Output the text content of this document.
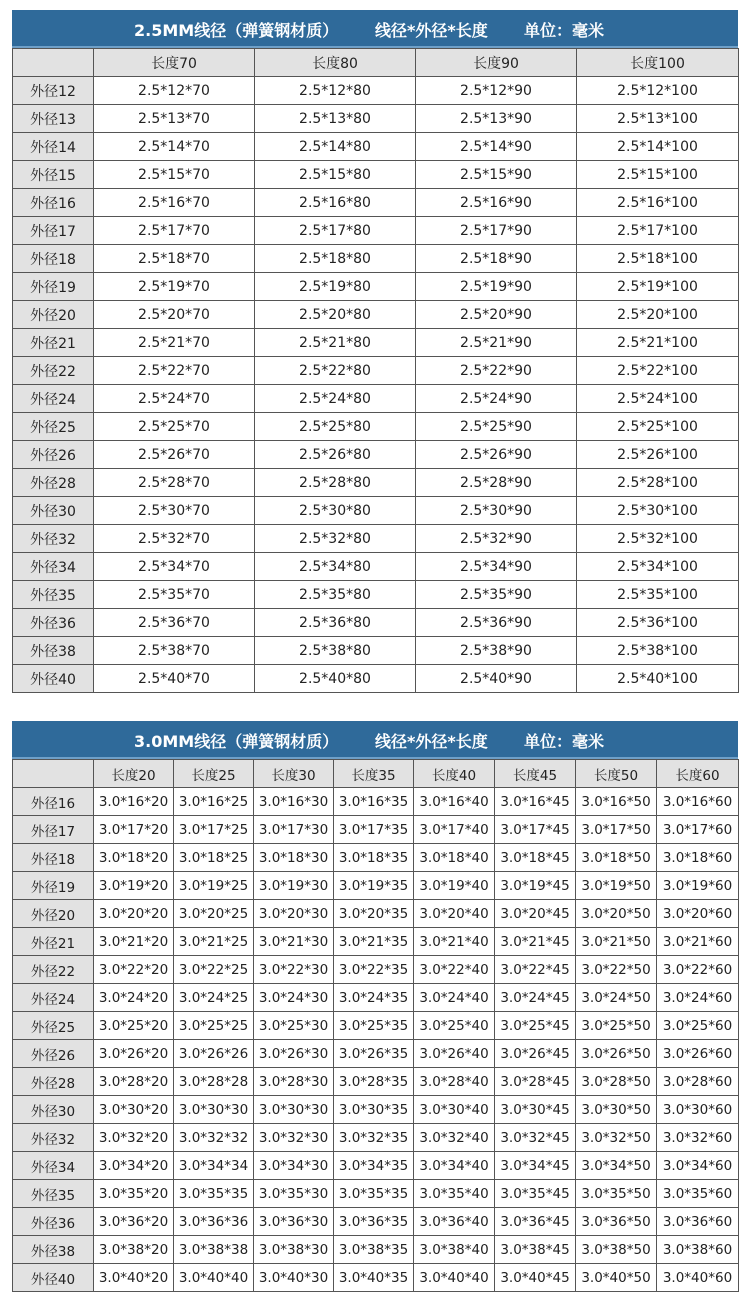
2.5MM线径（弹簧钢材质） 线径*外径*长度 单位：毫米
	长度70	长度80	长度90	长度100
外径12	2.5*12*70	2.5*12*80	2.5*12*90	2.5*12*100
外径13	2.5*13*70	2.5*13*80	2.5*13*90	2.5*13*100
外径14	2.5*14*70	2.5*14*80	2.5*14*90	2.5*14*100
外径15	2.5*15*70	2.5*15*80	2.5*15*90	2.5*15*100
外径16	2.5*16*70	2.5*16*80	2.5*16*90	2.5*16*100
外径17	2.5*17*70	2.5*17*80	2.5*17*90	2.5*17*100
外径18	2.5*18*70	2.5*18*80	2.5*18*90	2.5*18*100
外径19	2.5*19*70	2.5*19*80	2.5*19*90	2.5*19*100
外径20	2.5*20*70	2.5*20*80	2.5*20*90	2.5*20*100
外径21	2.5*21*70	2.5*21*80	2.5*21*90	2.5*21*100
外径22	2.5*22*70	2.5*22*80	2.5*22*90	2.5*22*100
外径24	2.5*24*70	2.5*24*80	2.5*24*90	2.5*24*100
外径25	2.5*25*70	2.5*25*80	2.5*25*90	2.5*25*100
外径26	2.5*26*70	2.5*26*80	2.5*26*90	2.5*26*100
外径28	2.5*28*70	2.5*28*80	2.5*28*90	2.5*28*100
外径30	2.5*30*70	2.5*30*80	2.5*30*90	2.5*30*100
外径32	2.5*32*70	2.5*32*80	2.5*32*90	2.5*32*100
外径34	2.5*34*70	2.5*34*80	2.5*34*90	2.5*34*100
外径35	2.5*35*70	2.5*35*80	2.5*35*90	2.5*35*100
外径36	2.5*36*70	2.5*36*80	2.5*36*90	2.5*36*100
外径38	2.5*38*70	2.5*38*80	2.5*38*90	2.5*38*100
外径40	2.5*40*70	2.5*40*80	2.5*40*90	2.5*40*100
3.0MM线径（弹簧钢材质） 线径*外径*长度 单位：毫米
	长度20	长度25	长度30	长度35	长度40	长度45	长度50	长度60
外径16	3.0*16*20	3.0*16*25	3.0*16*30	3.0*16*35	3.0*16*40	3.0*16*45	3.0*16*50	3.0*16*60
外径17	3.0*17*20	3.0*17*25	3.0*17*30	3.0*17*35	3.0*17*40	3.0*17*45	3.0*17*50	3.0*17*60
外径18	3.0*18*20	3.0*18*25	3.0*18*30	3.0*18*35	3.0*18*40	3.0*18*45	3.0*18*50	3.0*18*60
外径19	3.0*19*20	3.0*19*25	3.0*19*30	3.0*19*35	3.0*19*40	3.0*19*45	3.0*19*50	3.0*19*60
外径20	3.0*20*20	3.0*20*25	3.0*20*30	3.0*20*35	3.0*20*40	3.0*20*45	3.0*20*50	3.0*20*60
外径21	3.0*21*20	3.0*21*25	3.0*21*30	3.0*21*35	3.0*21*40	3.0*21*45	3.0*21*50	3.0*21*60
外径22	3.0*22*20	3.0*22*25	3.0*22*30	3.0*22*35	3.0*22*40	3.0*22*45	3.0*22*50	3.0*22*60
外径24	3.0*24*20	3.0*24*25	3.0*24*30	3.0*24*35	3.0*24*40	3.0*24*45	3.0*24*50	3.0*24*60
外径25	3.0*25*20	3.0*25*25	3.0*25*30	3.0*25*35	3.0*25*40	3.0*25*45	3.0*25*50	3.0*25*60
外径26	3.0*26*20	3.0*26*26	3.0*26*30	3.0*26*35	3.0*26*40	3.0*26*45	3.0*26*50	3.0*26*60
外径28	3.0*28*20	3.0*28*28	3.0*28*30	3.0*28*35	3.0*28*40	3.0*28*45	3.0*28*50	3.0*28*60
外径30	3.0*30*20	3.0*30*30	3.0*30*30	3.0*30*35	3.0*30*40	3.0*30*45	3.0*30*50	3.0*30*60
外径32	3.0*32*20	3.0*32*32	3.0*32*30	3.0*32*35	3.0*32*40	3.0*32*45	3.0*32*50	3.0*32*60
外径34	3.0*34*20	3.0*34*34	3.0*34*30	3.0*34*35	3.0*34*40	3.0*34*45	3.0*34*50	3.0*34*60
外径35	3.0*35*20	3.0*35*35	3.0*35*30	3.0*35*35	3.0*35*40	3.0*35*45	3.0*35*50	3.0*35*60
外径36	3.0*36*20	3.0*36*36	3.0*36*30	3.0*36*35	3.0*36*40	3.0*36*45	3.0*36*50	3.0*36*60
外径38	3.0*38*20	3.0*38*38	3.0*38*30	3.0*38*35	3.0*38*40	3.0*38*45	3.0*38*50	3.0*38*60
外径40	3.0*40*20	3.0*40*40	3.0*40*30	3.0*40*35	3.0*40*40	3.0*40*45	3.0*40*50	3.0*40*60
